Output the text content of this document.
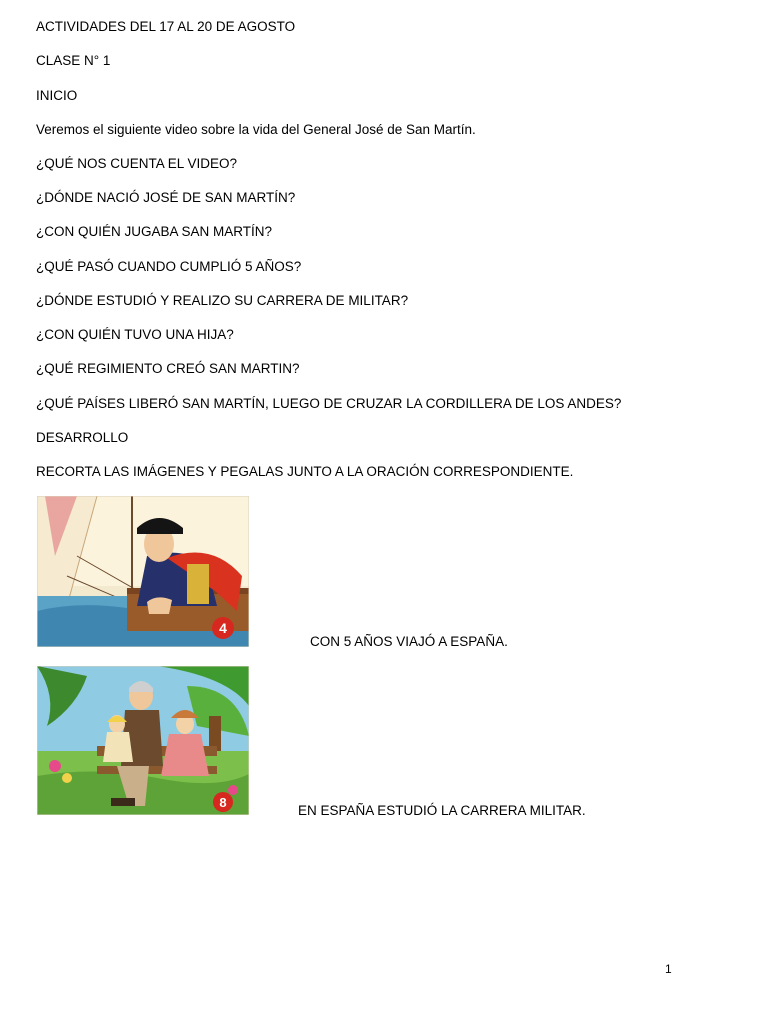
ACTIVIDADES DEL 17 AL 20 DE AGOSTO
CLASE N° 1
INICIO
Veremos el siguiente video sobre la vida del General José de San Martín.
¿QUÉ NOS CUENTA EL VIDEO?
¿DÓNDE NACIÓ JOSÉ DE SAN MARTÍN?
¿CON QUIÉN JUGABA SAN MARTÍN?
¿QUÉ PASÓ CUANDO CUMPLIÓ 5 AÑOS?
¿DÓNDE ESTUDIÓ Y REALIZO SU CARRERA DE MILITAR?
¿CON QUIÉN TUVO UNA HIJA?
¿QUÉ REGIMIENTO CREÓ SAN MARTIN?
¿QUÉ PAÍSES LIBERÓ SAN MARTÍN, LUEGO DE CRUZAR LA CORDILLERA DE LOS ANDES?
DESARROLLO
RECORTA LAS IMÁGENES Y PEGALAS JUNTO A LA ORACIÓN CORRESPONDIENTE.
4
CON 5 AÑOS VIAJÓ A ESPAÑA.
8
EN ESPAÑA ESTUDIÓ LA CARRERA MILITAR.
1
